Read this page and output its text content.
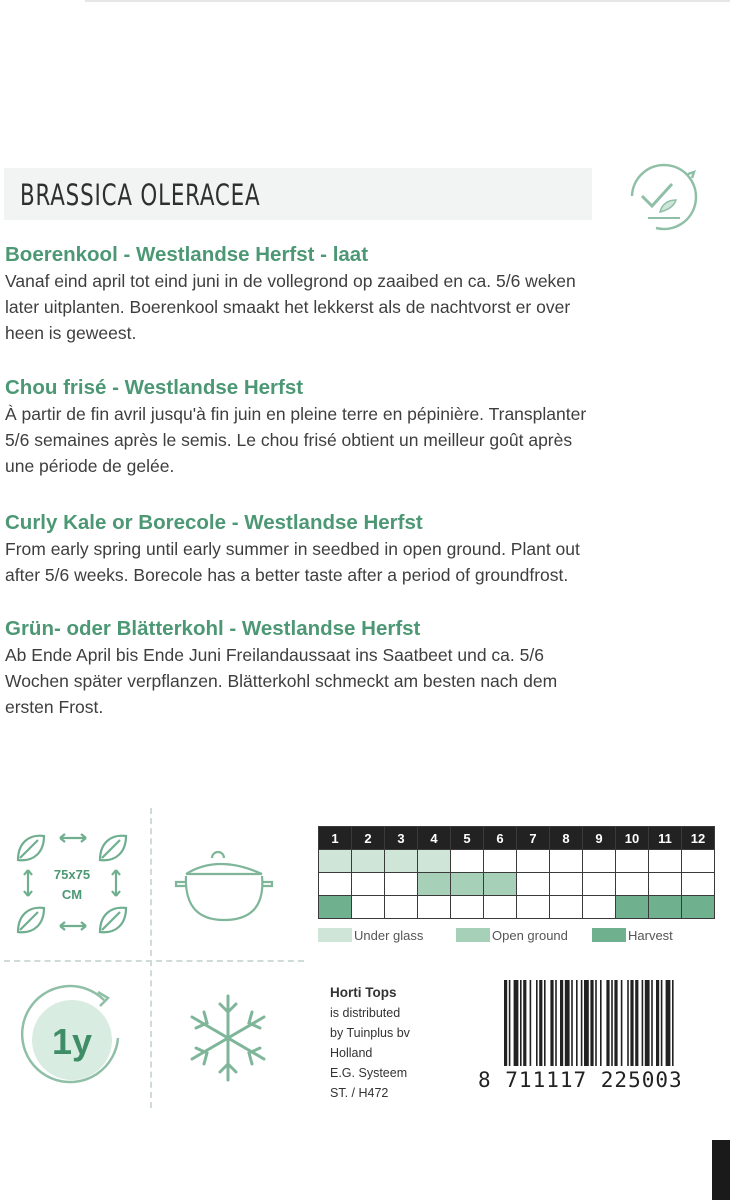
BRASSICA OLERACEA
Boerenkool - Westlandse Herfst - laat

Vanaf eind april tot eind juni in de vollegrond op zaaibed en ca. 5/6 weken

later uitplanten. Boerenkool smaakt het lekkerst als de nachtvorst er over

heen is geweest.

Chou frisé - Westlandse Herfst

À partir de fin avril jusqu'à fin juin en pleine terre en pépinière. Transplanter

5/6 semaines après le semis. Le chou frisé obtient un meilleur goût après

une période de gelée.

Curly Kale or Borecole - Westlandse Herfst

From early spring until early summer in seedbed in open ground. Plant out

after 5/6 weeks. Borecole has a better taste after a period of groundfrost.

Grün- oder Blätterkohl - Westlandse Herfst

Ab Ende April bis Ende Juni Freilandaussaat ins Saatbeet und ca. 5/6

Wochen später verpflanzen. Blätterkohl schmeckt am besten nach dem

ersten Frost.

75x75
CM
1y
1	2	3	4	5	6	7	8	9	10	11	12

Under glass	Open ground	Harvest
Horti Tops
is distributed
by Tuinplus bv
Holland
E.G. Systeem
ST. / H472
8 711117 225003
